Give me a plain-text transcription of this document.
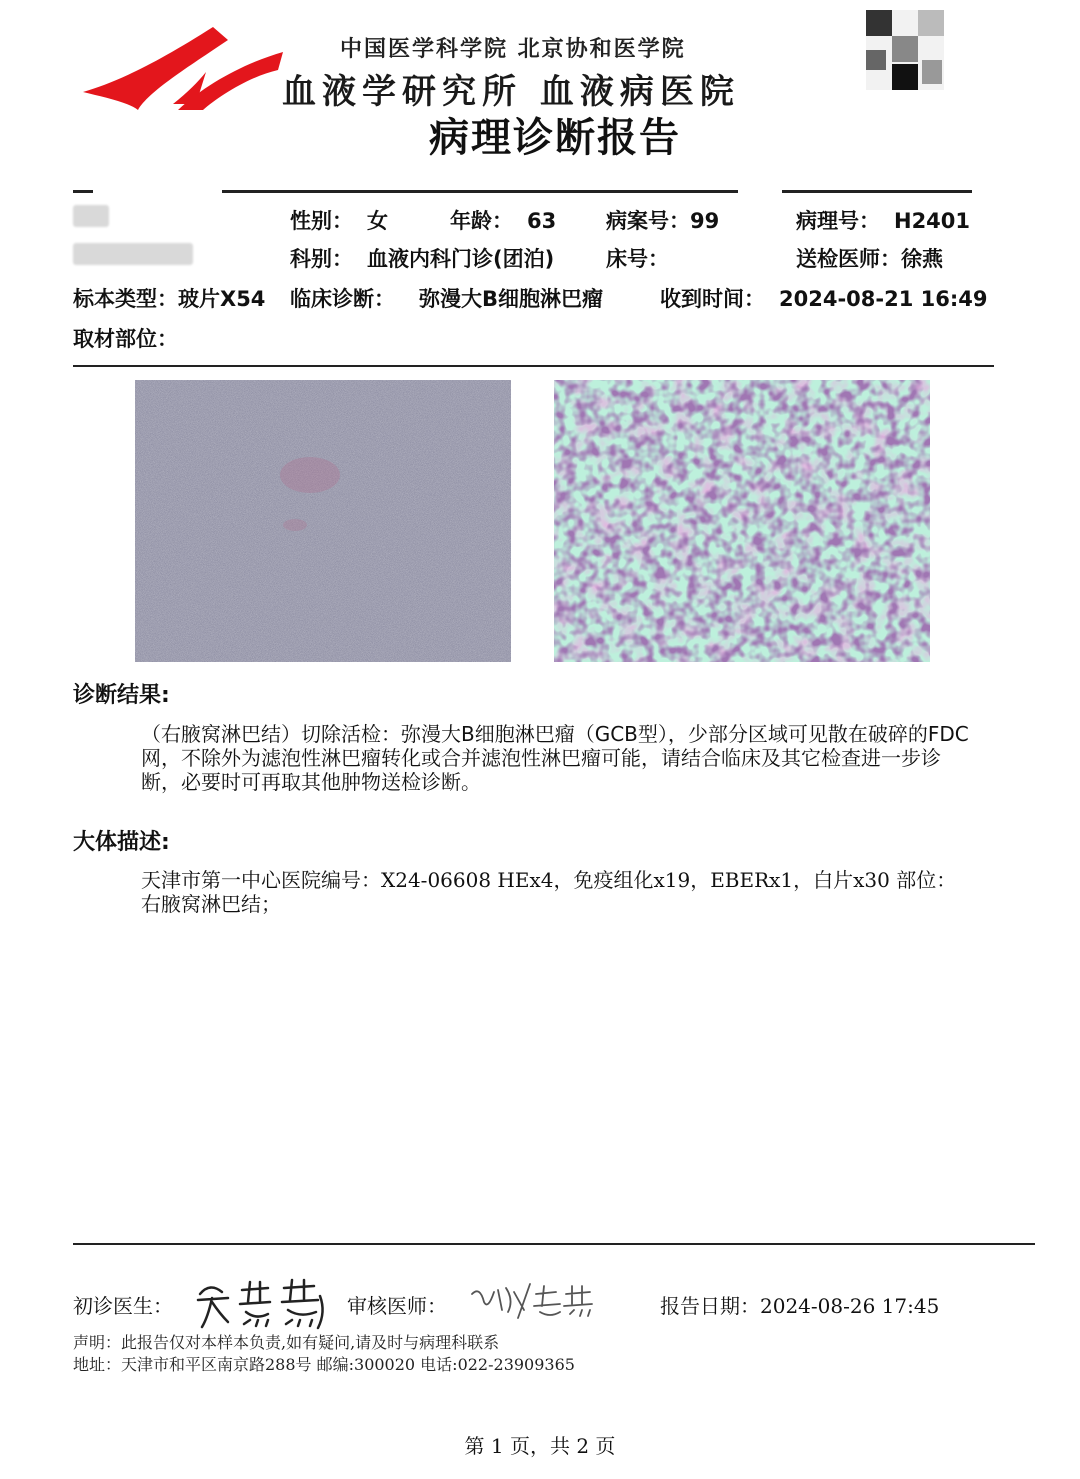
中国医学科学院 北京协和医学院
血液学研究所 血液病医院
病理诊断报告
性别： 女	年龄： 63 病案号：99	病理号： H2401
科别： 血液内科门诊(团泊) 床号：	送检医师：徐燕
标本类型：玻片X54 临床诊断： 弥漫大B细胞淋巴瘤	收到时间： 2024-08-21 16:49
取材部位：
诊断结果:
（右腋窝淋巴结）切除活检：弥漫大B细胞淋巴瘤（GCB型），少部分区域可见散在破碎的FDC网，不除外为滤泡性淋巴瘤转化或合并滤泡性淋巴瘤可能，请结合临床及其它检查进一步诊断，必要时可再取其他肿物送检诊断。
大体描述:
天津市第一中心医院编号：X24-06608 HEx4，免疫组化x19，EBERx1，白片x30 部位：右腋窝淋巴结；
初诊医生：	审核医师：	报告日期：2024-08-26 17:45
声明：此报告仅对本样本负责,如有疑问,请及时与病理科联系
地址：天津市和平区南京路288号 邮编:300020 电话:022-23909365
第 1 页，共 2 页
